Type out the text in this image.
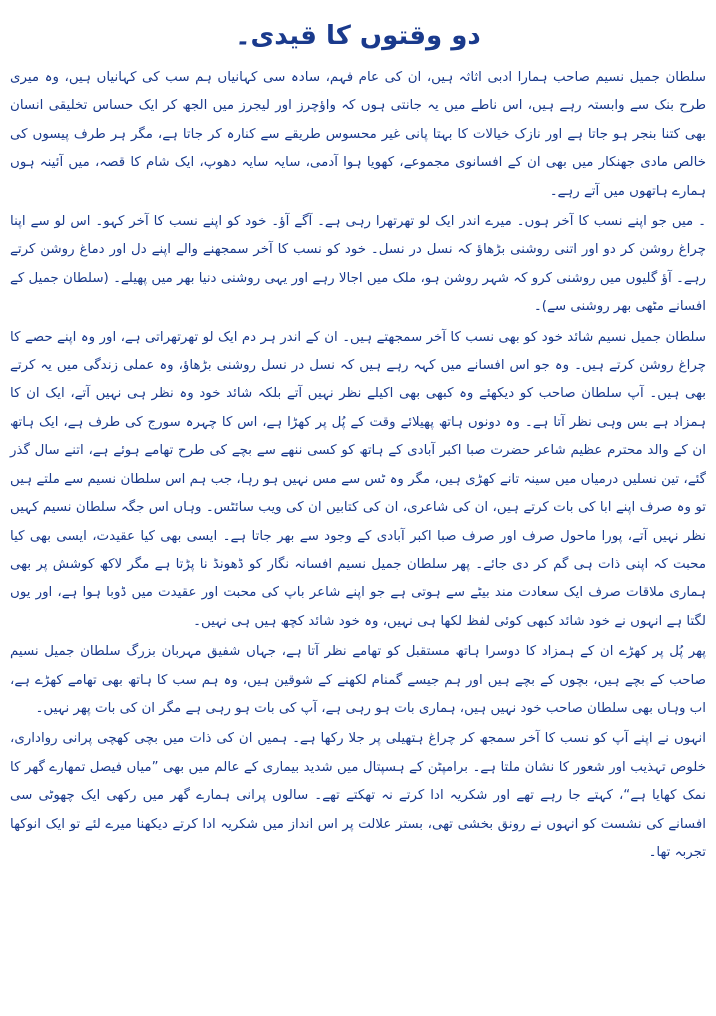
دو وقتوں کا قیدی۔

سلطان جمیل نسیم صاحب ہمارا ادبی اثاثہ ہیں، ان کی عام فہم، سادہ سی کہانیاں ہم سب کی کہانیاں ہیں، وہ میری طرح بنک سے وابستہ رہے ہیں، اس ناطے میں یہ جانتی ہوں کہ واؤچرز اور لیجرز میں الجھ کر ایک حساس تخلیقی انسان بھی کتنا بنجر ہو جاتا ہے اور نازک خیالات کا بہتا پانی غیر محسوس طریقے سے کنارہ کر جاتا ہے، مگر ہر طرف پیسوں کی خالص مادی جھنکار میں بھی ان کے افسانوی مجموعے، کھویا ہوا آدمی، سایہ سایہ دھوپ، ایک شام کا قصہ، میں آئینہ ہوں ہمارے ہاتھوں میں آتے رہے۔

۔ میں جو اپنے نسب کا آخر ہوں۔ میرے اندر ایک لو تھرتھرا رہی ہے۔ آگے آؤ۔ خود کو اپنے نسب کا آخر کہو۔ اس لو سے اپنا چراغ روشن کر دو اور اتنی روشنی بڑھاؤ کہ نسل در نسل۔ خود کو نسب کا آخر سمجھنے والے اپنے دل اور دماغ روشن کرتے رہے۔ آؤ گلیوں میں روشنی کرو کہ شہر روشن ہو، ملک میں اجالا رہے اور یہی روشنی دنیا بھر میں پھیلے۔ (سلطان جمیل کے افسانے مٹھی بھر روشنی سے)۔

سلطان جمیل نسیم شائد خود کو بھی نسب کا آخر سمجھتے ہیں۔ ان کے اندر ہر دم ایک لو تھرتھراتی ہے، اور وہ اپنے حصے کا چراغ روشن کرتے ہیں۔ وہ جو اس افسانے میں کہہ رہے ہیں کہ نسل در نسل روشنی بڑھاؤ، وہ عملی زندگی میں یہ کرتے بھی ہیں۔ آپ سلطان صاحب کو دیکھئے وہ کبھی بھی اکیلے نظر نہیں آتے بلکہ شائد خود وہ نظر ہی نہیں آتے، ایک ان کا ہمزاد ہے بس وہی نظر آتا ہے۔ وہ دونوں ہاتھ پھیلائے وقت کے پُل پر کھڑا ہے، اس کا چہرہ سورج کی طرف ہے، ایک ہاتھ ان کے والد محترم عظیم شاعر حضرت صبا اکبر آبادی کے ہاتھ کو کسی ننھے سے بچے کی طرح تھامے ہوئے ہے، اتنے سال گذر گئے، تین نسلیں درمیاں میں سینہ تانے کھڑی ہیں، مگر وہ ٹس سے مس نہیں ہو رہا، جب ہم اس سلطان نسیم سے ملتے ہیں تو وہ صرف اپنے ابا کی بات کرتے ہیں، ان کی شاعری، ان کی کتابیں ان کی ویب سائٹس۔ وہاں اس جگہ سلطان نسیم کہیں نظر نہیں آتے، پورا ماحول صرف اور صرف صبا اکبر آبادی کے وجود سے بھر جاتا ہے۔ ایسی بھی کیا عقیدت، ایسی بھی کیا محبت کہ اپنی ذات ہی گم کر دی جائے۔ پھر سلطان جمیل نسیم افسانہ نگار کو ڈھونڈ نا پڑتا ہے مگر لاکھ کوشش پر بھی ہماری ملاقات صرف ایک سعادت مند بیٹے سے ہوتی ہے جو اپنے شاعر باپ کی محبت اور عقیدت میں ڈوبا ہوا ہے، اور یوں لگتا ہے انہوں نے خود شائد کبھی کوئی لفظ لکھا ہی نہیں، وہ خود شائد کچھ ہیں ہی نہیں۔

پھر پُل پر کھڑے ان کے ہمزاد کا دوسرا ہاتھ مستقبل کو تھامے نظر آتا ہے، جہاں شفیق مہربان بزرگ سلطان جمیل نسیم صاحب کے بچے ہیں، بچوں کے بچے ہیں اور ہم جیسے گمنام لکھنے کے شوقین ہیں، وہ ہم سب کا ہاتھ بھی تھامے کھڑے ہے، اب وہاں بھی سلطان صاحب خود نہیں ہیں، ہماری بات ہو رہی ہے، آپ کی بات ہو رہی ہے مگر ان کی بات پھر نہیں۔

انہوں نے اپنے آپ کو نسب کا آخر سمجھ کر چراغ ہتھیلی پر جلا رکھا ہے۔ ہمیں ان کی ذات میں بچی کھچی پرانی رواداری، خلوص تہذیب اور شعور کا نشان ملتا ہے۔ برامپٹن کے ہسپتال میں شدید بیماری کے عالم میں بھی ”میاں فیصل تمھارے گھر کا نمک کھایا ہے“، کہتے جا رہے تھے اور شکریہ ادا کرتے نہ تھکتے تھے۔ سالوں پرانی ہمارے گھر میں رکھی ایک چھوٹی سی افسانے کی نشست کو انہوں نے رونق بخشی تھی، بستر علالت پر اس انداز میں شکریہ ادا کرتے دیکھنا میرے لئے تو ایک انوکھا تجربہ تھا۔
